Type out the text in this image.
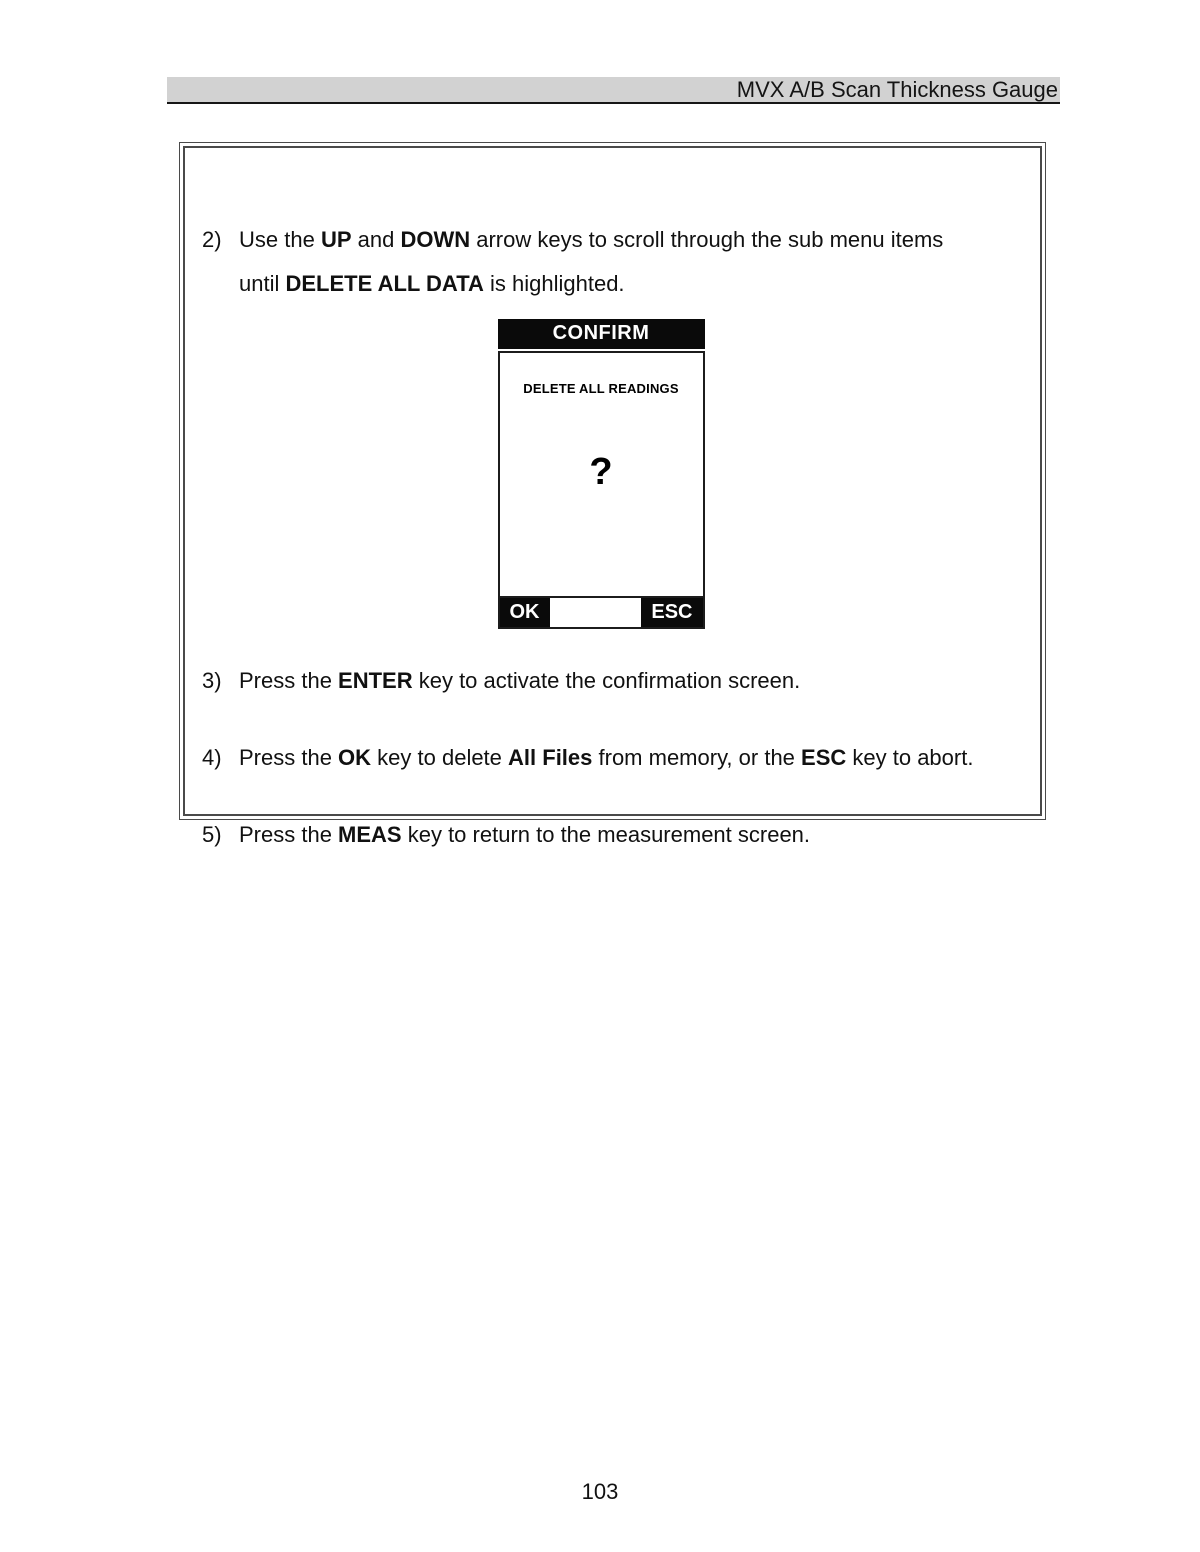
MVX A/B Scan Thickness Gauge
2) Use the UP and DOWN arrow keys to scroll through the sub menu items until DELETE ALL DATA is highlighted.
CONFIRM
DELETE ALL READINGS
?
OK	ESC
3) Press the ENTER key to activate the confirmation screen.
4) Press the OK key to delete All Files from memory, or the ESC key to abort.
5) Press the MEAS key to return to the measurement screen.
103
